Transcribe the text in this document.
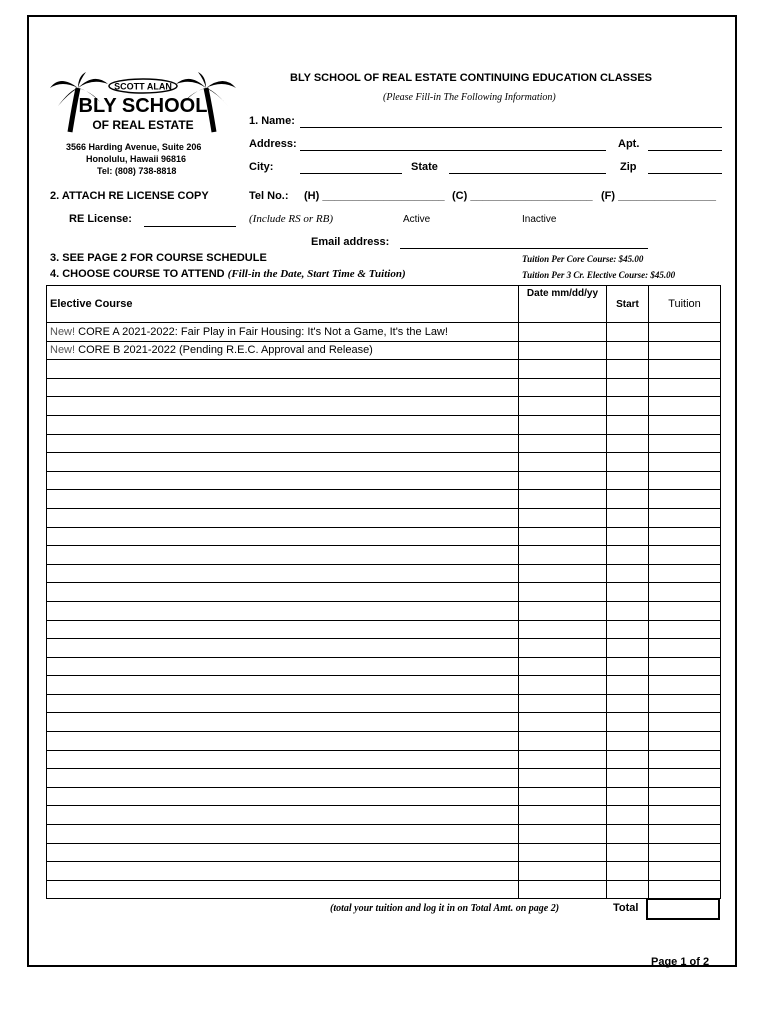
SCOTT ALAN
BLY SCHOOL
OF REAL ESTATE
BLY SCHOOL OF REAL ESTATE CONTINUING EDUCATION CLASSES
(Please Fill-in The Following Information)
3566 Harding Avenue, Suite 206
Honolulu, Hawaii 96816
Tel: (808) 738-8818
1. Name:
Address:	Apt.
City:	State	Zip
2. ATTACH RE LICENSE COPY	Tel No.: (H) ____________________ (C) ____________________ (F) ________________
RE License:	(Include RS or RB)	Active	Inactive
Email address:
3. SEE PAGE 2 FOR COURSE SCHEDULE
4. CHOOSE COURSE TO ATTEND (Fill-in the Date, Start Time & Tuition)
Tuition Per Core Course: $45.00
Tuition Per 3 Cr. Elective Course: $45.00
Elective Course	Date mm/dd/yy	Start	Tuition
New! CORE A 2021-2022: Fair Play in Fair Housing: It's Not a Game, It's the Law!			
New! CORE B 2021-2022 (Pending R.E.C. Approval and Release)			

(total your tuition and log it in on Total Amt. on page 2)	Total
Page 1 of 2
